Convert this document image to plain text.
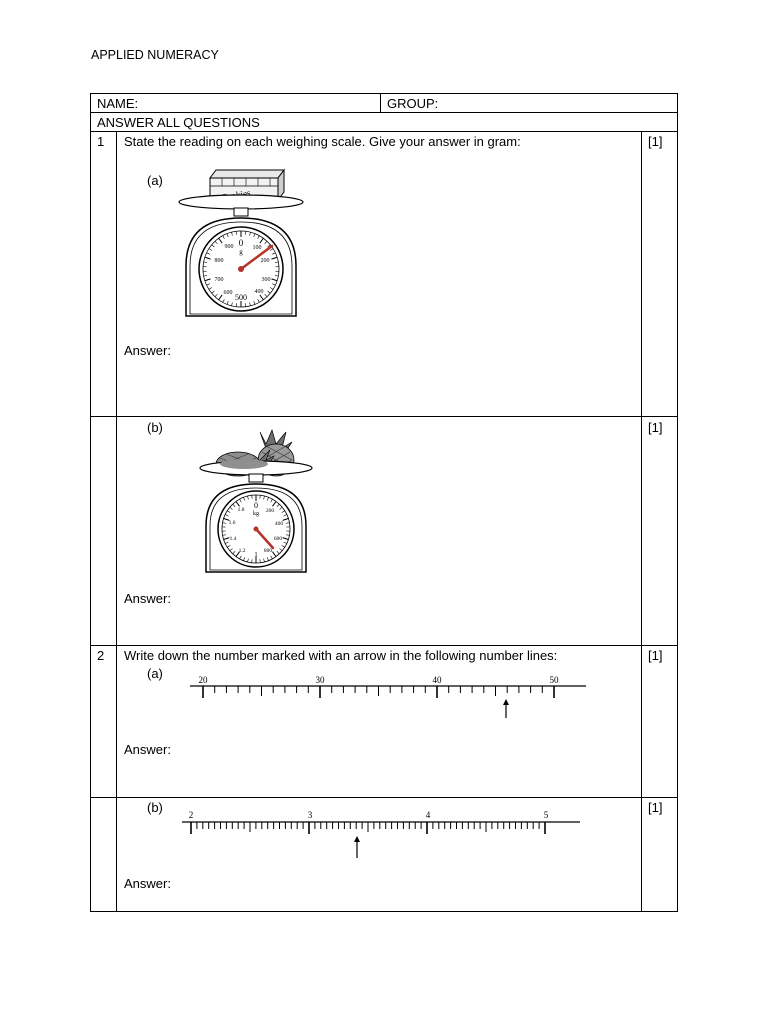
APPLIED NUMERACY
NAME:	GROUP:
ANSWER ALL QUESTIONS
1 State the reading on each weighing scale. Give your answer in gram:	[1]
(a)
Answer:
0
g 100
200
300
400
500
600
700
800
900
(b)	[1]
Answer:
0
kg 200
400
600
800
1
1.2
1.4
1.6
1.8
2 Write down the number marked with an arrow in the following number lines:	[1]
(a)
Answer:
20	30	40	50
(b)	[1]
Answer:
2	3	4	5
